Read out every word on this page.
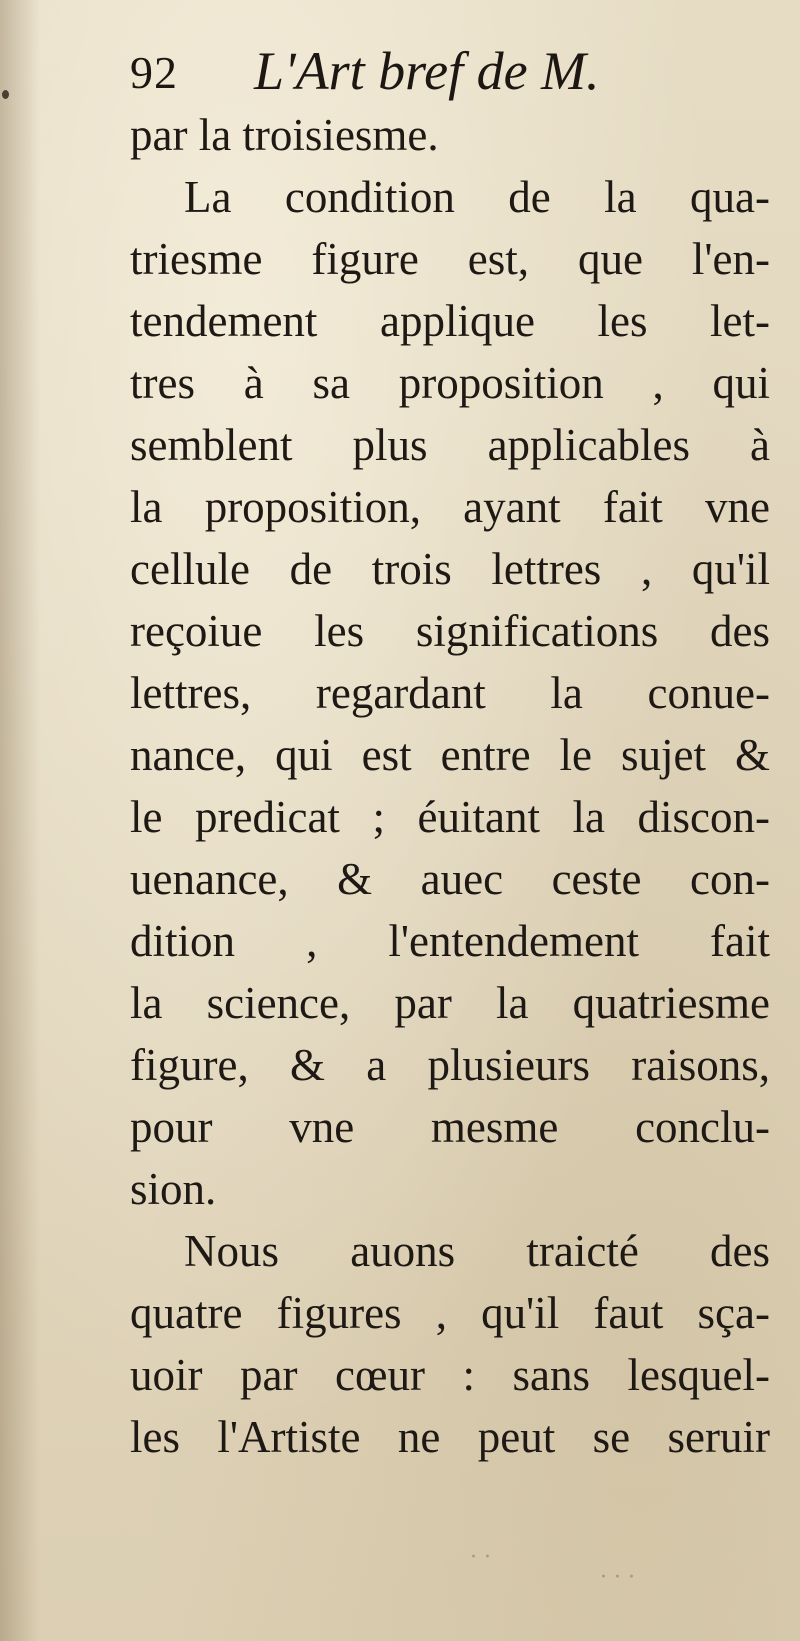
92 L'Art bref de M.
par la troisiesme.
La condition de la qua-
triesme figure est, que l'en-
tendement applique les let-
tres à sa proposition , qui
semblent plus applicables à
la proposition, ayant fait vne
cellule de trois lettres , qu'il
reçoiue les significations des
lettres, regardant la conue-
nance, qui est entre le sujet &
le predicat ; éuitant la discon-
uenance, & auec ceste con-
dition , l'entendement fait
la science, par la quatriesme
figure, & a plusieurs raisons,
pour vne mesme conclu-
sion.
Nous auons traicté des
quatre figures , qu'il faut sça-
uoir par cœur : sans lesquel-
les l'Artiste ne peut se seruir
· ·
· · ·
